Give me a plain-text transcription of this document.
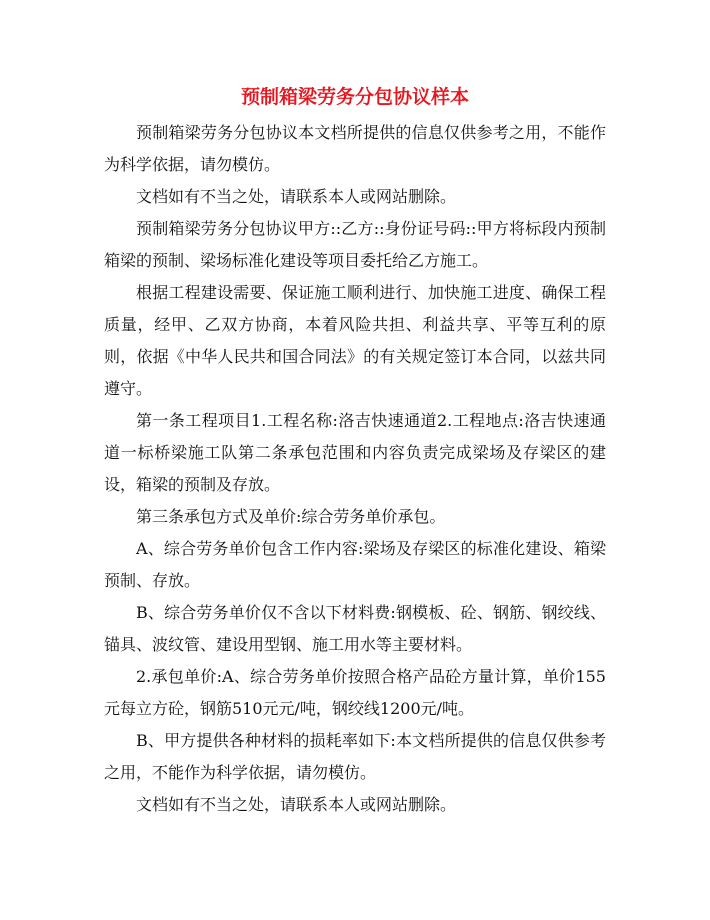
预制箱梁劳务分包协议样本

预制箱梁劳务分包协议本文档所提供的信息仅供参考之用，不能作为科学依据，请勿模仿。

文档如有不当之处，请联系本人或网站删除。

预制箱梁劳务分包协议甲方::乙方::身份证号码::甲方将标段内预制箱梁的预制、梁场标准化建设等项目委托给乙方施工。

根据工程建设需要、保证施工顺利进行、加快施工进度、确保工程质量，经甲、乙双方协商，本着风险共担、利益共享、平等互利的原则，依据《中华人民共和国合同法》的有关规定签订本合同，以兹共同遵守。

第一条工程项目1.工程名称:洛吉快速通道2.工程地点:洛吉快速通道一标桥梁施工队第二条承包范围和内容负责完成梁场及存梁区的建设，箱梁的预制及存放。

第三条承包方式及单价:综合劳务单价承包。

A、综合劳务单价包含工作内容:梁场及存梁区的标准化建设、箱梁预制、存放。

B、综合劳务单价仅不含以下材料费:钢模板、砼、钢筋、钢绞线、锚具、波纹管、建设用型钢、施工用水等主要材料。

2.承包单价:A、综合劳务单价按照合格产品砼方量计算，单价155元每立方砼，钢筋510元元/吨，钢绞线1200元/吨。

B、甲方提供各种材料的损耗率如下:本文档所提供的信息仅供参考之用，不能作为科学依据，请勿模仿。

文档如有不当之处，请联系本人或网站删除。
